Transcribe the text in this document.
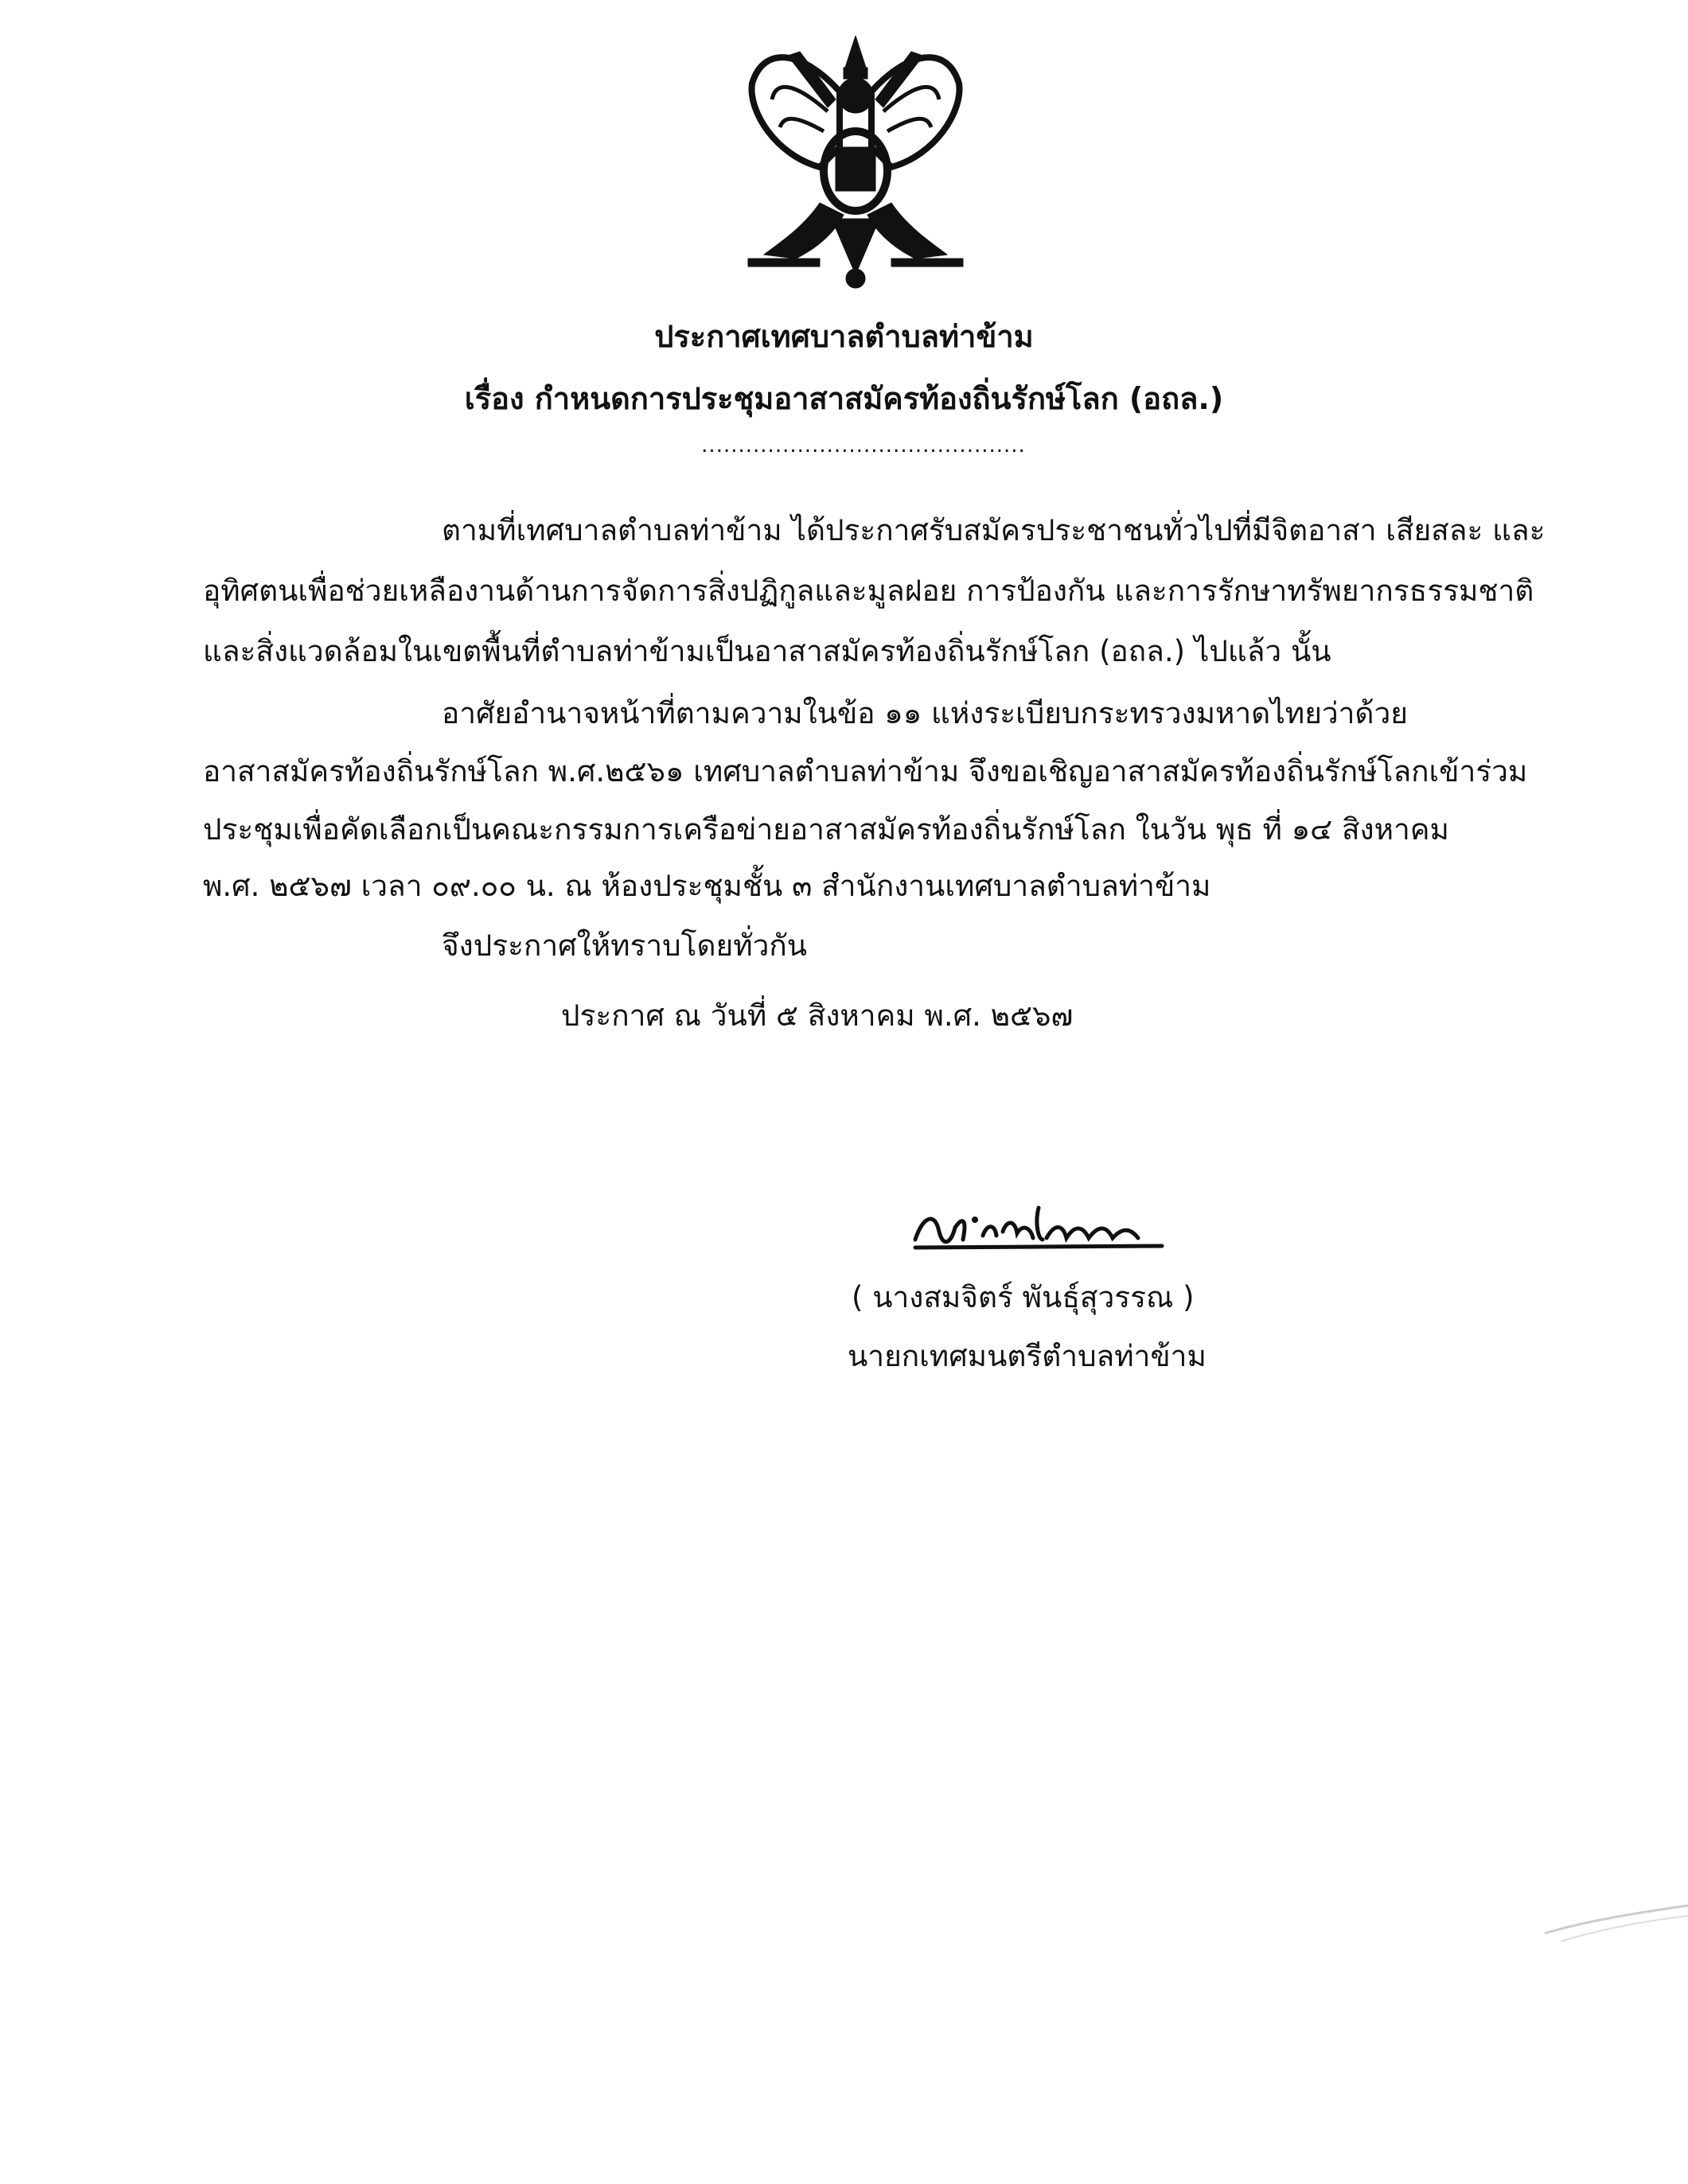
ประกาศเทศบาลตำบลท่าข้าม
เรื่อง กำหนดการประชุมอาสาสมัครท้องถิ่นรักษ์โลก (อถล.)
............................................
ตามที่เทศบาลตำบลท่าข้าม ได้ประกาศรับสมัครประชาชนทั่วไปที่มีจิตอาสา เสียสละ และ
อุทิศตนเพื่อช่วยเหลืองานด้านการจัดการสิ่งปฏิกูลและมูลฝอย การป้องกัน และการรักษาทรัพยากรธรรมชาติ
และสิ่งแวดล้อมในเขตพื้นที่ตำบลท่าข้ามเป็นอาสาสมัครท้องถิ่นรักษ์โลก (อถล.) ไปแล้ว นั้น
อาศัยอำนาจหน้าที่ตามความในข้อ ๑๑ แห่งระเบียบกระทรวงมหาดไทยว่าด้วย
อาสาสมัครท้องถิ่นรักษ์โลก พ.ศ.๒๕๖๑ เทศบาลตำบลท่าข้าม จึงขอเชิญอาสาสมัครท้องถิ่นรักษ์โลกเข้าร่วม
ประชุมเพื่อคัดเลือกเป็นคณะกรรมการเครือข่ายอาสาสมัครท้องถิ่นรักษ์โลก ในวัน พุธ ที่ ๑๔ สิงหาคม
พ.ศ. ๒๕๖๗ เวลา ๐๙.๐๐ น. ณ ห้องประชุมชั้น ๓ สำนักงานเทศบาลตำบลท่าข้าม
จึงประกาศให้ทราบโดยทั่วกัน
ประกาศ ณ วันที่ ๕ สิงหาคม พ.ศ. ๒๕๖๗
( นางสมจิตร์ พันธุ์สุวรรณ )
นายกเทศมนตรีตำบลท่าข้าม
